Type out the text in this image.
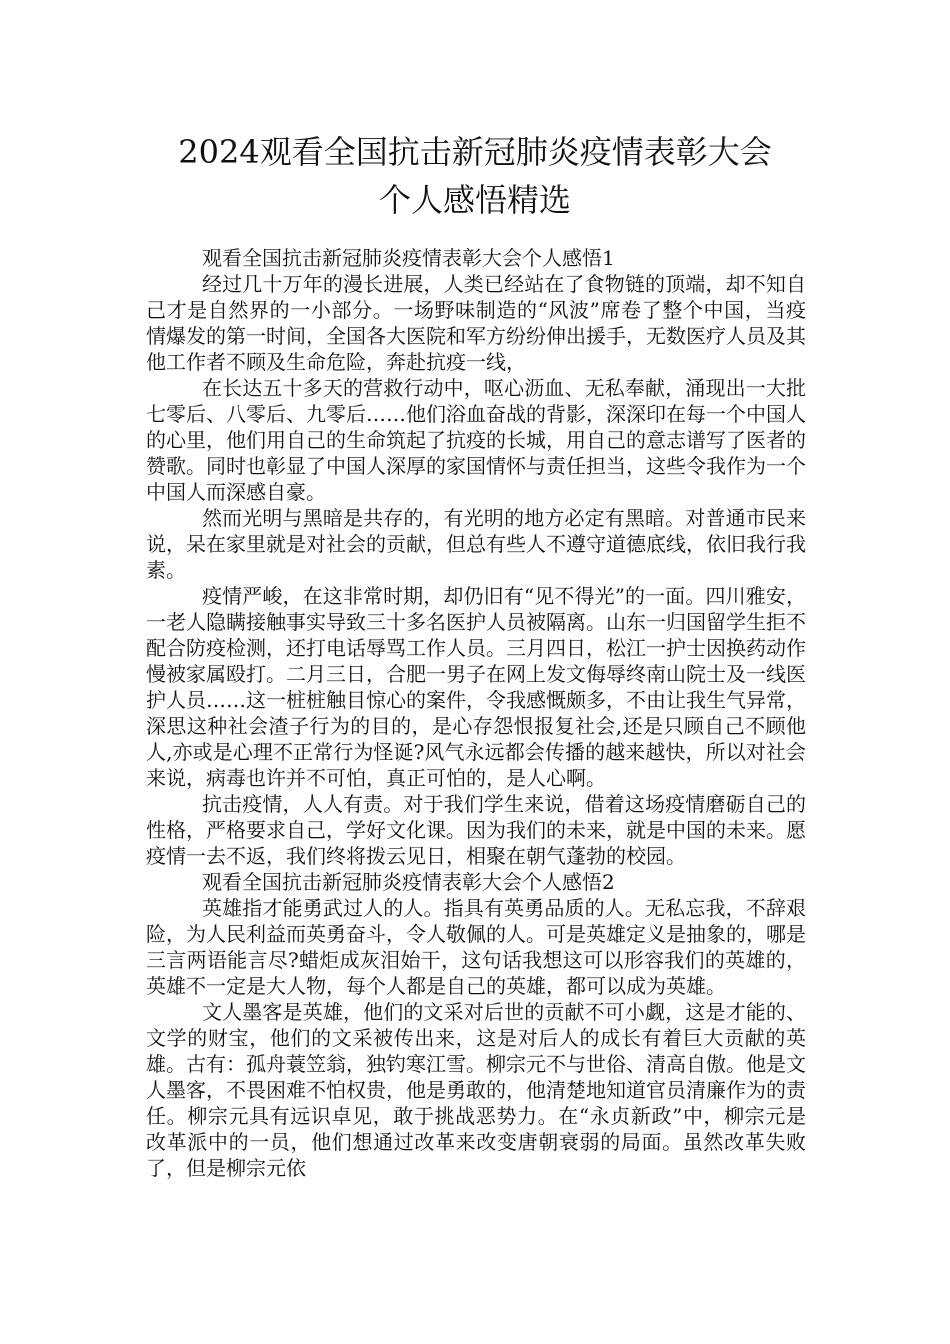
2024观看全国抗击新冠肺炎疫情表彰大会
个人感悟精选

观看全国抗击新冠肺炎疫情表彰大会个人感悟1

经过几十万年的漫长进展，人类已经站在了食物链的顶端，却不知自己才是自然界的一小部分。一场野味制造的“风波”席卷了整个中国，当疫情爆发的第一时间，全国各大医院和军方纷纷伸出援手，无数医疗人员及其他工作者不顾及生命危险，奔赴抗疫一线，

在长达五十多天的营救行动中，呕心沥血、无私奉献，涌现出一大批七零后、八零后、九零后……他们浴血奋战的背影，深深印在每一个中国人的心里，他们用自己的生命筑起了抗疫的长城，用自己的意志谱写了医者的赞歌。同时也彰显了中国人深厚的家国情怀与责任担当，这些令我作为一个中国人而深感自豪。

然而光明与黑暗是共存的，有光明的地方必定有黑暗。对普通市民来说，呆在家里就是对社会的贡献，但总有些人不遵守道德底线，依旧我行我素。

疫情严峻，在这非常时期，却仍旧有“见不得光”的一面。四川雅安，一老人隐瞒接触事实导致三十多名医护人员被隔离。山东一归国留学生拒不配合防疫检测，还打电话辱骂工作人员。三月四日，松江一护士因换药动作慢被家属殴打。二月三日，合肥一男子在网上发文侮辱终南山院士及一线医护人员……这一桩桩触目惊心的案件，令我感慨颇多，不由让我生气异常，深思这种社会渣子行为的目的，是心存怨恨报复社会,还是只顾自己不顾他人,亦或是心理不正常行为怪诞?风气永远都会传播的越来越快，所以对社会来说，病毒也许并不可怕，真正可怕的，是人心啊。

抗击疫情，人人有责。对于我们学生来说，借着这场疫情磨砺自己的性格，严格要求自己，学好文化课。因为我们的未来，就是中国的未来。愿疫情一去不返，我们终将拨云见日，相聚在朝气蓬勃的校园。

观看全国抗击新冠肺炎疫情表彰大会个人感悟2

英雄指才能勇武过人的人。指具有英勇品质的人。无私忘我，不辞艰险，为人民利益而英勇奋斗，令人敬佩的人。可是英雄定义是抽象的，哪是三言两语能言尽?蜡炬成灰泪始干，这句话我想这可以形容我们的英雄的，英雄不一定是大人物，每个人都是自己的英雄，都可以成为英雄。

文人墨客是英雄，他们的文采对后世的贡献不可小觑，这是才能的、文学的财宝，他们的文采被传出来，这是对后人的成长有着巨大贡献的英雄。古有：孤舟蓑笠翁，独钓寒江雪。柳宗元不与世俗、清高自傲。他是文人墨客，不畏困难不怕权贵，他是勇敢的，他清楚地知道官员清廉作为的责任。柳宗元具有远识卓见，敢于挑战恶势力。在“永贞新政”中，柳宗元是改革派中的一员，他们想通过改革来改变唐朝衰弱的局面。虽然改革失败了，但是柳宗元依
